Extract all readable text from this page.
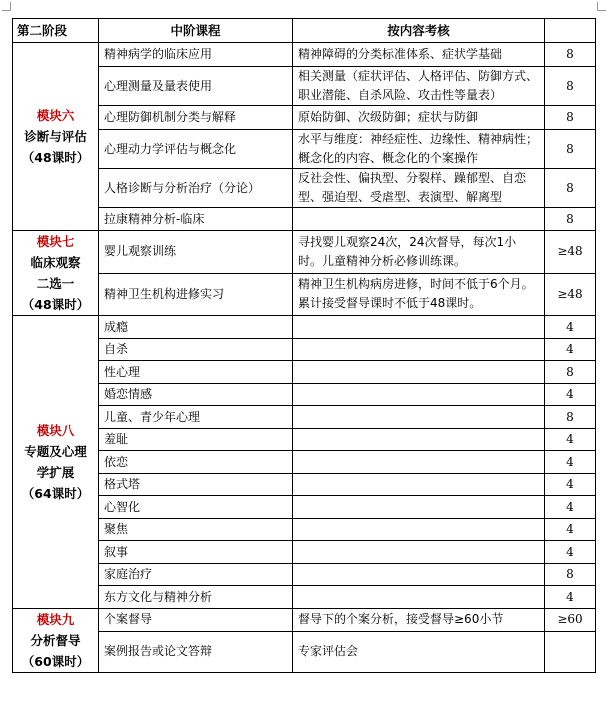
第二阶段	中阶课程	按内容考核	

模块六
诊断与评估
（48课时）	精神病学的临床应用	精神障碍的分类标准体系、症状学基础	8
	心理测量及量表使用	相关测量（症状评估、人格评估、防御方式、职业潜能、自杀风险、攻击性等量表）	8
	心理防御机制分类与解释	原始防御、次级防御；症状与防御	8
	心理动力学评估与概念化	水平与维度：神经症性、边缘性、精神病性；概念化的内容、概念化的个案操作	8
	人格诊断与分析治疗（分论）	反社会性、偏执型、分裂样、躁郁型、自恋型、强迫型、受虐型、表演型、解离型	8
	拉康精神分析-临床		8

模块七
临床观察
二选一
（48课时）	婴儿观察训练	寻找婴儿观察24次，24次督导，每次1小时。儿童精神分析必修训练课。	≥48
	精神卫生机构进修实习	精神卫生机构病房进修，时间不低于6个月。累计接受督导课时不低于48课时。	≥48

模块八
专题及心理
学扩展
（64课时）	成瘾		4
	自杀		4
	性心理		8
	婚恋情感		4
	儿童、青少年心理		8
	羞耻		4
	依恋		4
	格式塔		4
	心智化		4
	聚焦		4
	叙事		4
	家庭治疗		8
	东方文化与精神分析		4

模块九
分析督导
（60课时）	个案督导	督导下的个案分析，接受督导≥60小节	≥60
	案例报告或论文答辩	专家评估会	
